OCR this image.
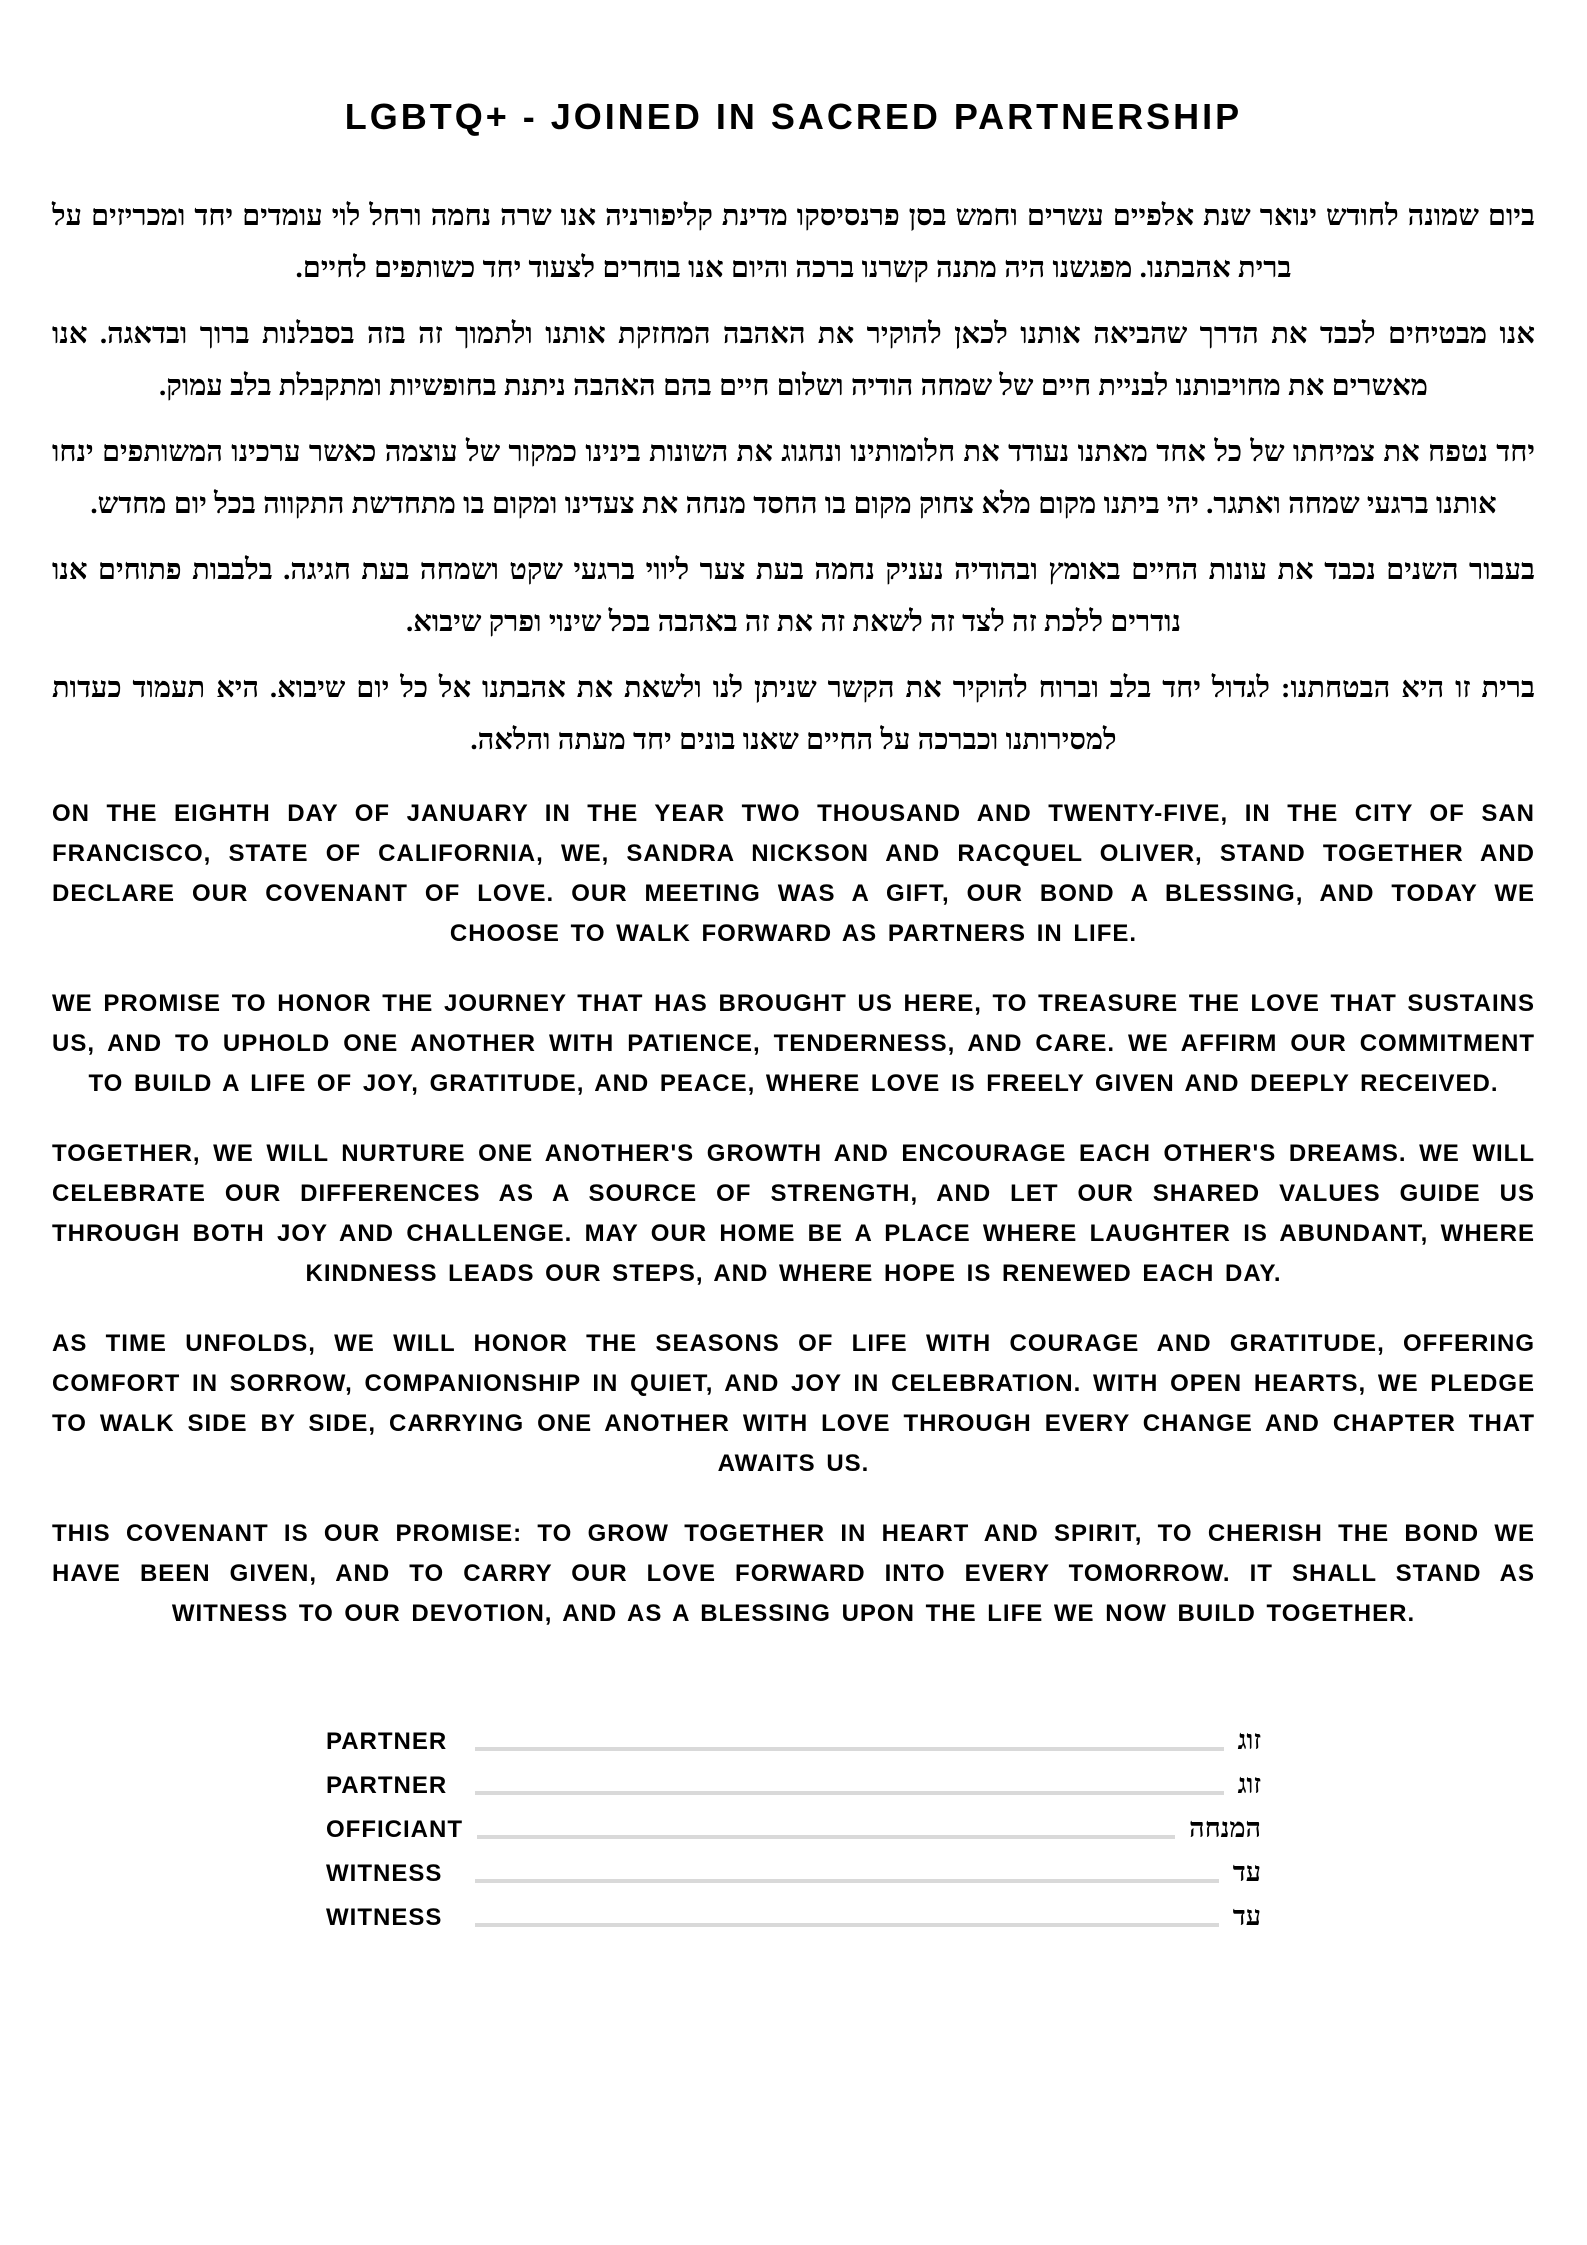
LGBTQ+ - JOINED IN SACRED PARTNERSHIP

ביום שמונה לחודש ינואר שנת אלפיים עשרים וחמש בסן פרנסיסקו מדינת קליפורניה אנו שרה נחמה ורחל לוי עומדים יחד ומכריזים על ברית אהבתנו. מפגשנו היה מתנה קשרנו ברכה והיום אנו בוחרים לצעוד יחד כשותפים לחיים.

אנו מבטיחים לכבד את הדרך שהביאה אותנו לכאן להוקיר את האהבה המחזקת אותנו ולתמוך זה בזה בסבלנות ברוך ובדאגה. אנו מאשרים את מחויבותנו לבניית חיים של שמחה הודיה ושלום חיים בהם האהבה ניתנת בחופשיות ומתקבלת בלב עמוק.

יחד נטפח את צמיחתו של כל אחד מאתנו נעודד את חלומותינו ונחגוג את השונות בינינו כמקור של עוצמה כאשר ערכינו המשותפים ינחו אותנו ברגעי שמחה ואתגר. יהי ביתנו מקום מלא צחוק מקום בו החסד מנחה את צעדינו ומקום בו מתחדשת התקווה בכל יום מחדש.

בעבור השנים נכבד את עונות החיים באומץ ובהודיה נעניק נחמה בעת צער ליווי ברגעי שקט ושמחה בעת חגיגה. בלבבות פתוחים אנו נודרים ללכת זה לצד זה לשאת זה את זה באהבה בכל שינוי ופרק שיבוא.

ברית זו היא הבטחתנו: לגדול יחד בלב וברוח להוקיר את הקשר שניתן לנו ולשאת את אהבתנו אל כל יום שיבוא. היא תעמוד כעדות למסירותנו וכברכה על החיים שאנו בונים יחד מעתה והלאה.

ON THE EIGHTH DAY OF JANUARY IN THE YEAR TWO THOUSAND AND TWENTY-FIVE, IN THE CITY OF SAN FRANCISCO, STATE OF CALIFORNIA, WE, SANDRA NICKSON AND RACQUEL OLIVER, STAND TOGETHER AND DECLARE OUR COVENANT OF LOVE. OUR MEETING WAS A GIFT, OUR BOND A BLESSING, AND TODAY WE CHOOSE TO WALK FORWARD AS PARTNERS IN LIFE.

WE PROMISE TO HONOR THE JOURNEY THAT HAS BROUGHT US HERE, TO TREASURE THE LOVE THAT SUSTAINS US, AND TO UPHOLD ONE ANOTHER WITH PATIENCE, TENDERNESS, AND CARE. WE AFFIRM OUR COMMITMENT TO BUILD A LIFE OF JOY, GRATITUDE, AND PEACE, WHERE LOVE IS FREELY GIVEN AND DEEPLY RECEIVED.

TOGETHER, WE WILL NURTURE ONE ANOTHER'S GROWTH AND ENCOURAGE EACH OTHER'S DREAMS. WE WILL CELEBRATE OUR DIFFERENCES AS A SOURCE OF STRENGTH, AND LET OUR SHARED VALUES GUIDE US THROUGH BOTH JOY AND CHALLENGE. MAY OUR HOME BE A PLACE WHERE LAUGHTER IS ABUNDANT, WHERE KINDNESS LEADS OUR STEPS, AND WHERE HOPE IS RENEWED EACH DAY.

AS TIME UNFOLDS, WE WILL HONOR THE SEASONS OF LIFE WITH COURAGE AND GRATITUDE, OFFERING COMFORT IN SORROW, COMPANIONSHIP IN QUIET, AND JOY IN CELEBRATION. WITH OPEN HEARTS, WE PLEDGE TO WALK SIDE BY SIDE, CARRYING ONE ANOTHER WITH LOVE THROUGH EVERY CHANGE AND CHAPTER THAT AWAITS US.

THIS COVENANT IS OUR PROMISE: TO GROW TOGETHER IN HEART AND SPIRIT, TO CHERISH THE BOND WE HAVE BEEN GIVEN, AND TO CARRY OUR LOVE FORWARD INTO EVERY TOMORROW. IT SHALL STAND AS WITNESS TO OUR DEVOTION, AND AS A BLESSING UPON THE LIFE WE NOW BUILD TOGETHER.

PARTNER	זוג
PARTNER	זוג
OFFICIANT	המנחה
WITNESS	עד
WITNESS	עד
